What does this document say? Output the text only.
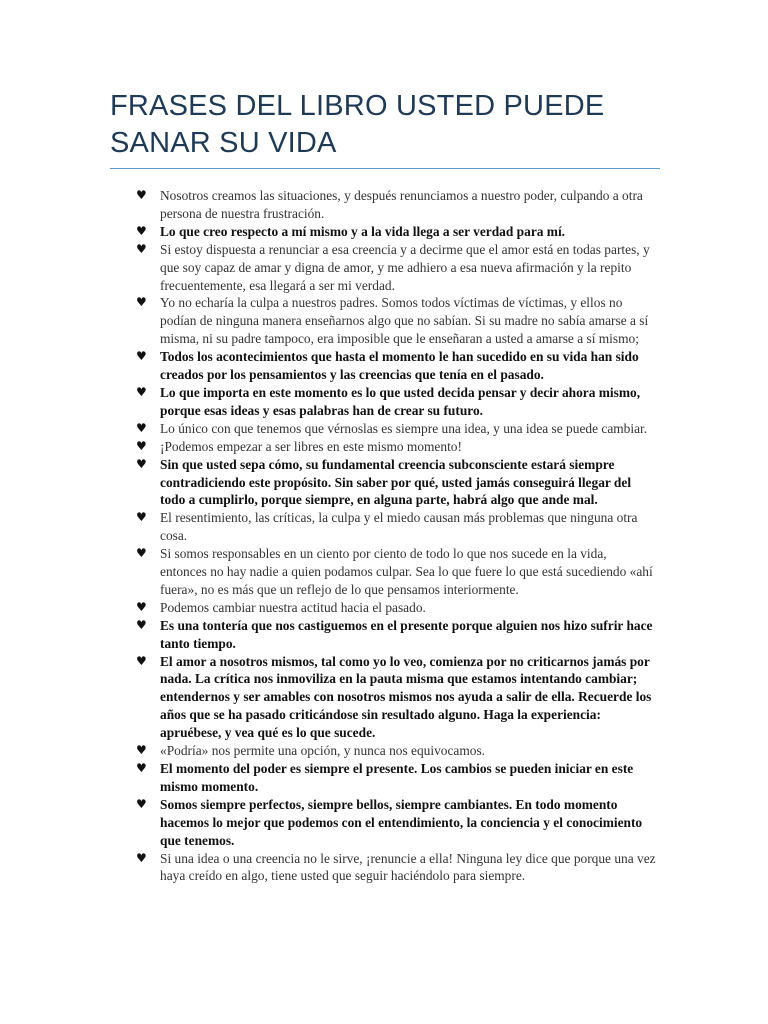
FRASES DEL LIBRO USTED PUEDE SANAR SU VIDA
♥ Nosotros creamos las situaciones, y después renunciamos a nuestro poder, culpando a otra persona de nuestra frustración.
♥ Lo que creo respecto a mí mismo y a la vida llega a ser verdad para mí.
♥ Si estoy dispuesta a renunciar a esa creencia y a decirme que el amor está en todas partes, y que soy capaz de amar y digna de amor, y me adhiero a esa nueva afirmación y la repito frecuentemente, esa llegará a ser mi verdad.
♥ Yo no echaría la culpa a nuestros padres. Somos todos víctimas de víctimas, y ellos no podían de ninguna manera enseñarnos algo que no sabían. Si su madre no sabía amarse a sí misma, ni su padre tampoco, era imposible que le enseñaran a usted a amarse a sí mismo;
♥ Todos los acontecimientos que hasta el momento le han sucedido en su vida han sido creados por los pensamientos y las creencias que tenía en el pasado.
♥ Lo que importa en este momento es lo que usted decida pensar y decir ahora mismo, porque esas ideas y esas palabras han de crear su futuro.
♥ Lo único con que tenemos que vérnoslas es siempre una idea, y una idea se puede cambiar.
♥ ¡Podemos empezar a ser libres en este mismo momento!
♥ Sin que usted sepa cómo, su fundamental creencia subconsciente estará siempre contradiciendo este propósito. Sin saber por qué, usted jamás conseguirá llegar del todo a cumplirlo, porque siempre, en alguna parte, habrá algo que ande mal.
♥ El resentimiento, las críticas, la culpa y el miedo causan más problemas que ninguna otra cosa.
♥ Si somos responsables en un ciento por ciento de todo lo que nos sucede en la vida, entonces no hay nadie a quien podamos culpar. Sea lo que fuere lo que está sucediendo «ahí fuera», no es más que un reflejo de lo que pensamos interiormente.
♥ Podemos cambiar nuestra actitud hacia el pasado.
♥ Es una tontería que nos castiguemos en el presente porque alguien nos hizo sufrir hace tanto tiempo.
♥ El amor a nosotros mismos, tal como yo lo veo, comienza por no criticarnos jamás por nada. La crítica nos inmoviliza en la pauta misma que estamos intentando cambiar; entendernos y ser amables con nosotros mismos nos ayuda a salir de ella. Recuerde los años que se ha pasado criticándose sin resultado alguno. Haga la experiencia: apruébese, y vea qué es lo que sucede.
♥ «Podría» nos permite una opción, y nunca nos equivocamos.
♥ El momento del poder es siempre el presente. Los cambios se pueden iniciar en este mismo momento.
♥ Somos siempre perfectos, siempre bellos, siempre cambiantes. En todo momento hacemos lo mejor que podemos con el entendimiento, la conciencia y el conocimiento que tenemos.
♥ Si una idea o una creencia no le sirve, ¡renuncie a ella! Ninguna ley dice que porque una vez haya creído en algo, tiene usted que seguir haciéndolo para siempre.
